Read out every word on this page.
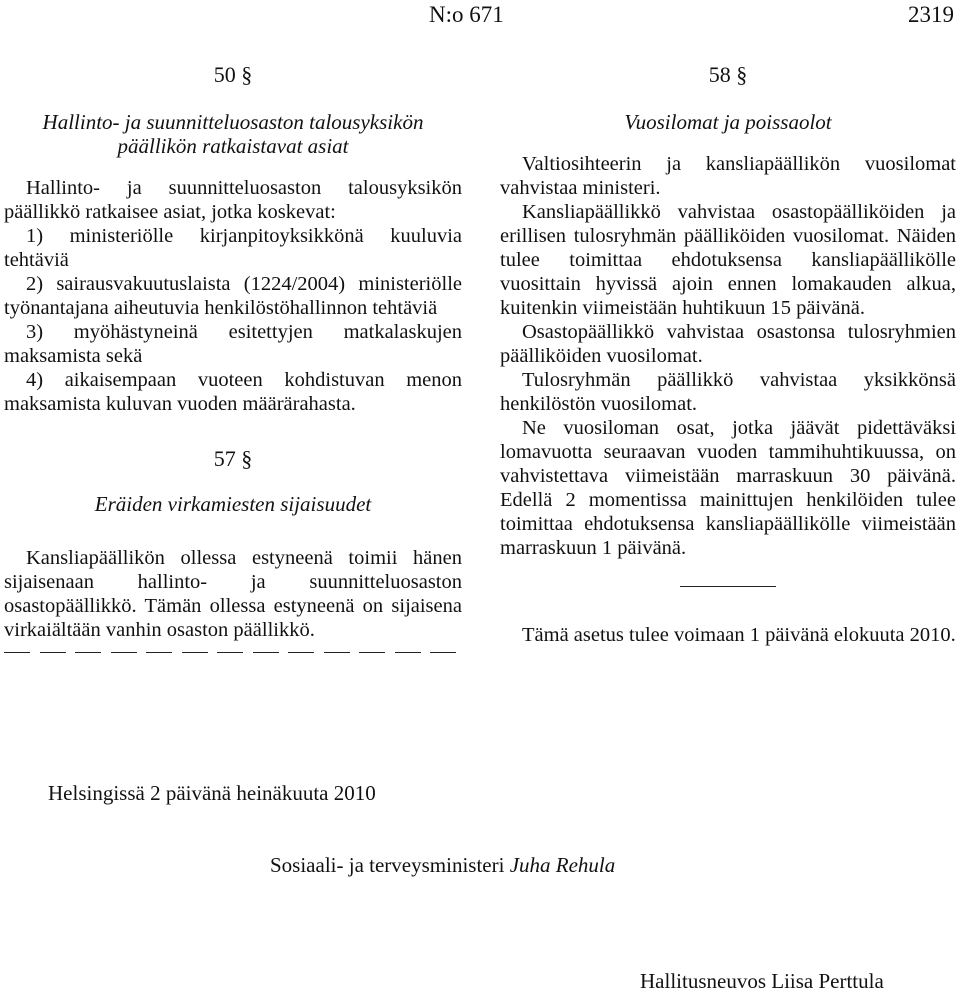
N:o 671	2319
50 §
Hallinto- ja suunnitteluosaston talousyksikön päällikön ratkaistavat asiat

Hallinto- ja suunnitteluosaston talousyksikön päällikkö ratkaisee asiat, jotka koskevat:

1) ministeriölle kirjanpitoyksikkönä kuuluvia tehtäviä

2) sairausvakuutuslaista (1224/2004) ministeriölle työnantajana aiheutuvia henkilöstöhallinnon tehtäviä

3) myöhästyneinä esitettyjen matkalaskujen maksamista sekä

4) aikaisempaan vuoteen kohdistuvan menon maksamista kuluvan vuoden määrärahasta.

57 §
Eräiden virkamiesten sijaisuudet

Kansliapäällikön ollessa estyneenä toimii hänen sijaisenaan hallinto- ja suunnitteluosaston osastopäällikkö. Tämän ollessa estyneenä on sijaisena virkaiältään vanhin osaston päällikkö.

58 §
Vuosilomat ja poissaolot

Valtiosihteerin ja kansliapäällikön vuosilomat vahvistaa ministeri.

Kansliapäällikkö vahvistaa osastopäälliköiden ja erillisen tulosryhmän päälliköiden vuosilomat. Näiden tulee toimittaa ehdotuksensa kansliapäällikölle vuosittain hyvissä ajoin ennen lomakauden alkua, kuitenkin viimeistään huhtikuun 15 päivänä.

Osastopäällikkö vahvistaa osastonsa tulosryhmien päälliköiden vuosilomat.

Tulosryhmän päällikkö vahvistaa yksikkönsä henkilöstön vuosilomat.

Ne vuosiloman osat, jotka jäävät pidettäväksi lomavuotta seuraavan vuoden tammihuhtikuussa, on vahvistettava viimeistään marraskuun 30 päivänä. Edellä 2 momentissa mainittujen henkilöiden tulee toimittaa ehdotuksensa kansliapäällikölle viimeistään marraskuun 1 päivänä.

Tämä asetus tulee voimaan 1 päivänä elokuuta 2010.

Helsingissä 2 päivänä heinäkuuta 2010
Sosiaali- ja terveysministeri Juha Rehula
Hallitusneuvos Liisa Perttula
